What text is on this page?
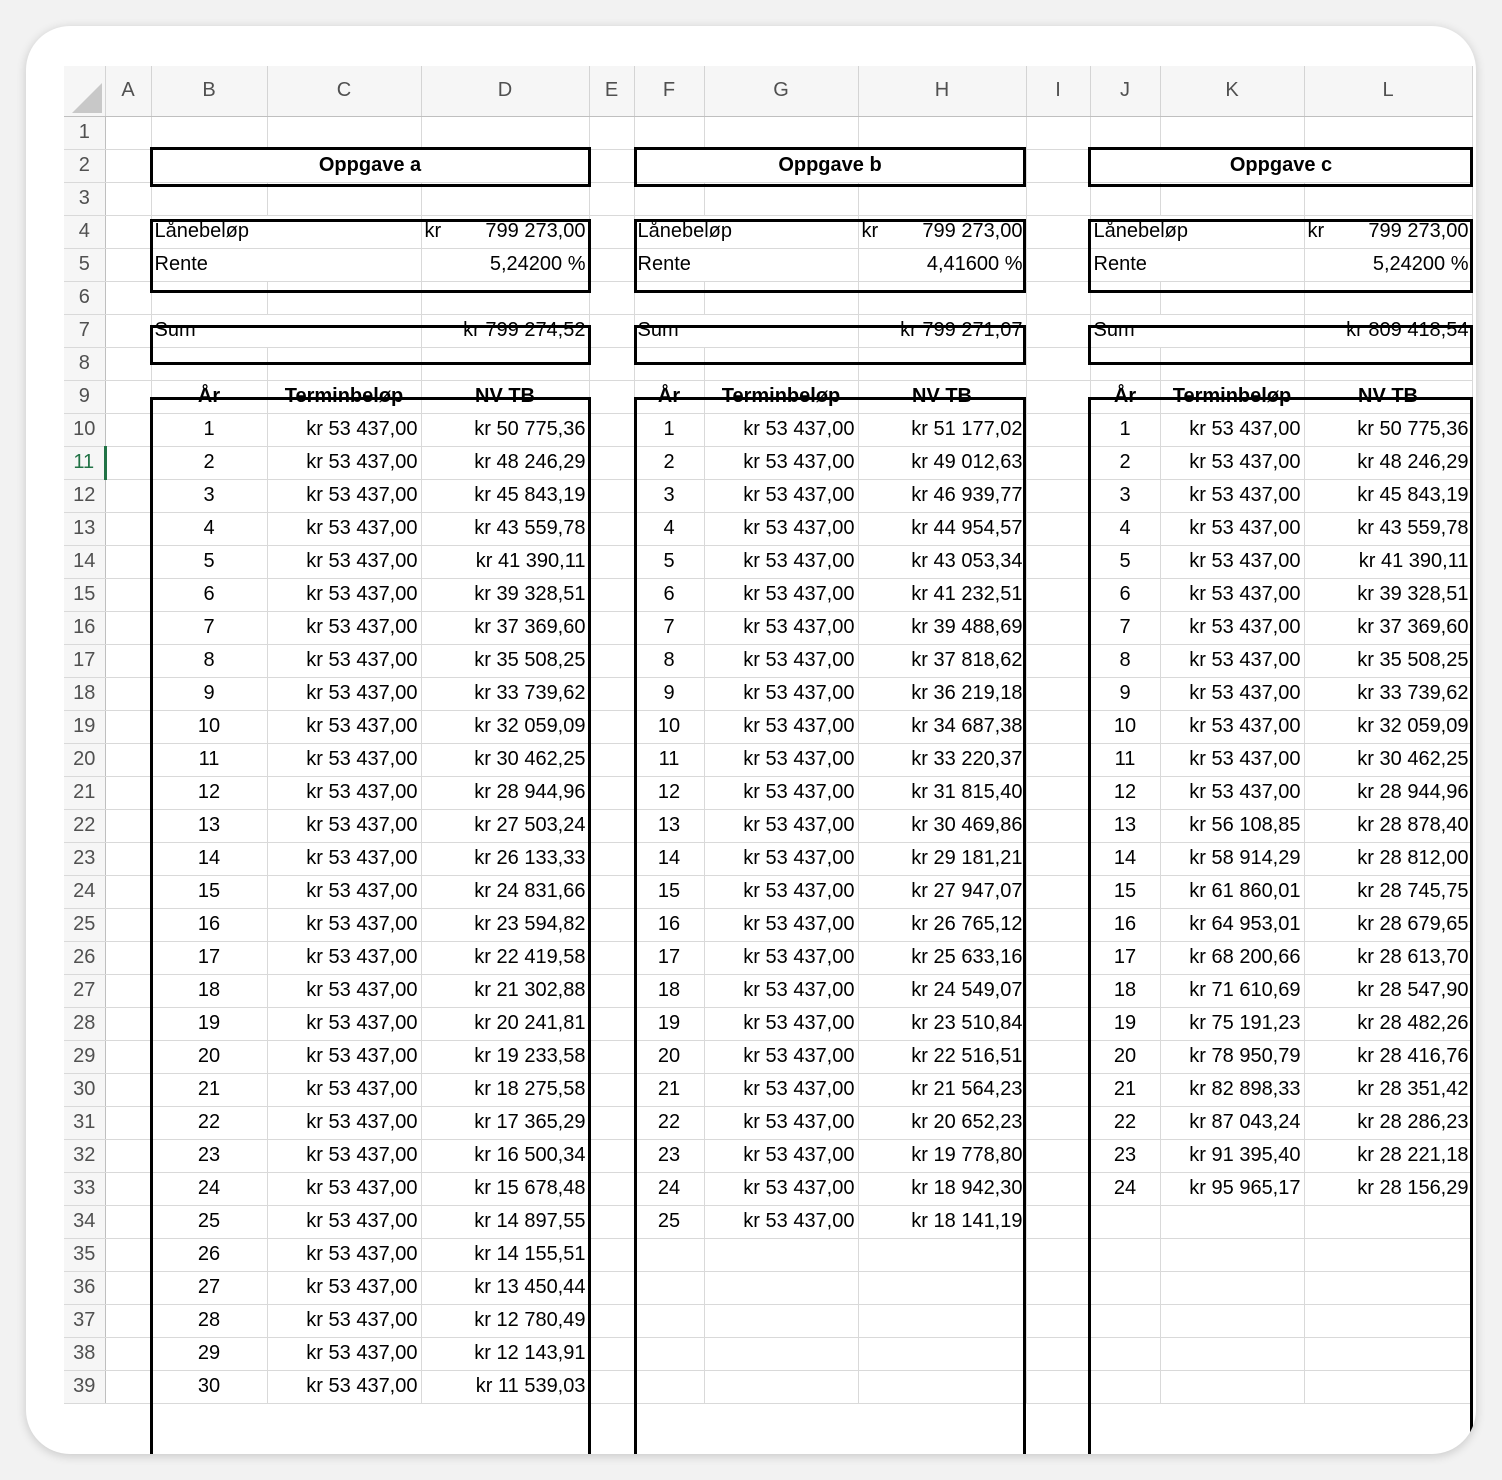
	A	B	C	D	E	F	G	H	I	J	K	L
1												
2		Oppgave a				Oppgave b				Oppgave c		
3												
4		Lånebeløp		kr 799 273,00		Lånebeløp		kr 799 273,00		Lånebeløp		kr 799 273,00

5		Rente		5,24200 %		Rente		4,41600 %		Rente		5,24200 %
6												
7		Sum		kr 799 274,52		Sum		kr 799 271,07		Sum		kr 809 418,54
8												
9		År	Terminbeløp	NV TB		År	Terminbeløp	NV TB		År	Terminbeløp	NV TB
10		1	kr 53 437,00	kr 50 775,36		1	kr 53 437,00	kr 51 177,02		1	kr 53 437,00	kr 50 775,36
11		2	kr 53 437,00	kr 48 246,29		2	kr 53 437,00	kr 49 012,63		2	kr 53 437,00	kr 48 246,29
12		3	kr 53 437,00	kr 45 843,19		3	kr 53 437,00	kr 46 939,77		3	kr 53 437,00	kr 45 843,19
13		4	kr 53 437,00	kr 43 559,78		4	kr 53 437,00	kr 44 954,57		4	kr 53 437,00	kr 43 559,78
14		5	kr 53 437,00	kr 41 390,11		5	kr 53 437,00	kr 43 053,34		5	kr 53 437,00	kr 41 390,11
15		6	kr 53 437,00	kr 39 328,51		6	kr 53 437,00	kr 41 232,51		6	kr 53 437,00	kr 39 328,51
16		7	kr 53 437,00	kr 37 369,60		7	kr 53 437,00	kr 39 488,69		7	kr 53 437,00	kr 37 369,60
17		8	kr 53 437,00	kr 35 508,25		8	kr 53 437,00	kr 37 818,62		8	kr 53 437,00	kr 35 508,25
18		9	kr 53 437,00	kr 33 739,62		9	kr 53 437,00	kr 36 219,18		9	kr 53 437,00	kr 33 739,62
19		10	kr 53 437,00	kr 32 059,09		10	kr 53 437,00	kr 34 687,38		10	kr 53 437,00	kr 32 059,09
20		11	kr 53 437,00	kr 30 462,25		11	kr 53 437,00	kr 33 220,37		11	kr 53 437,00	kr 30 462,25
21		12	kr 53 437,00	kr 28 944,96		12	kr 53 437,00	kr 31 815,40		12	kr 53 437,00	kr 28 944,96
22		13	kr 53 437,00	kr 27 503,24		13	kr 53 437,00	kr 30 469,86		13	kr 56 108,85	kr 28 878,40
23		14	kr 53 437,00	kr 26 133,33		14	kr 53 437,00	kr 29 181,21		14	kr 58 914,29	kr 28 812,00
24		15	kr 53 437,00	kr 24 831,66		15	kr 53 437,00	kr 27 947,07		15	kr 61 860,01	kr 28 745,75
25		16	kr 53 437,00	kr 23 594,82		16	kr 53 437,00	kr 26 765,12		16	kr 64 953,01	kr 28 679,65
26		17	kr 53 437,00	kr 22 419,58		17	kr 53 437,00	kr 25 633,16		17	kr 68 200,66	kr 28 613,70
27		18	kr 53 437,00	kr 21 302,88		18	kr 53 437,00	kr 24 549,07		18	kr 71 610,69	kr 28 547,90
28		19	kr 53 437,00	kr 20 241,81		19	kr 53 437,00	kr 23 510,84		19	kr 75 191,23	kr 28 482,26
29		20	kr 53 437,00	kr 19 233,58		20	kr 53 437,00	kr 22 516,51		20	kr 78 950,79	kr 28 416,76
30		21	kr 53 437,00	kr 18 275,58		21	kr 53 437,00	kr 21 564,23		21	kr 82 898,33	kr 28 351,42
31		22	kr 53 437,00	kr 17 365,29		22	kr 53 437,00	kr 20 652,23		22	kr 87 043,24	kr 28 286,23
32		23	kr 53 437,00	kr 16 500,34		23	kr 53 437,00	kr 19 778,80		23	kr 91 395,40	kr 28 221,18
33		24	kr 53 437,00	kr 15 678,48		24	kr 53 437,00	kr 18 942,30		24	kr 95 965,17	kr 28 156,29
34		25	kr 53 437,00	kr 14 897,55		25	kr 53 437,00	kr 18 141,19				
35		26	kr 53 437,00	kr 14 155,51								
36		27	kr 53 437,00	kr 13 450,44								
37		28	kr 53 437,00	kr 12 780,49								
38		29	kr 53 437,00	kr 12 143,91								
39		30	kr 53 437,00	kr 11 539,03								
